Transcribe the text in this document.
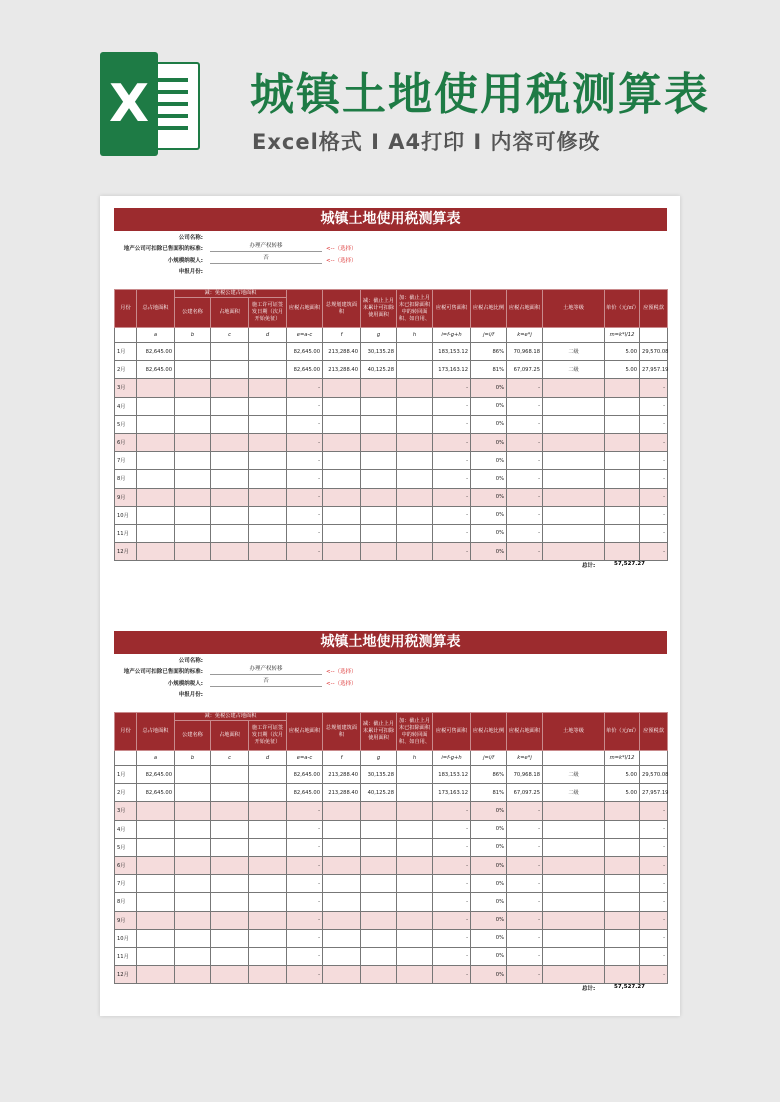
X 城镇土地使用税测算表
Excel格式 I A4打印 I 内容可修改
城镇土地使用税测算表
公司名称:
地产公司可扣除已售面积的标准:	办理产权转移	<--（选择）
小规模纳税人:	否	<--（选择）
申报月份:
月份	总占地面积	减：免税公建占地面积			应税占地面积	总规划建筑面积	减：截止上月末累计可扣除使用面积	加：截止上月末已扣除面积中的转回面积、如自用、	应税可售面积	应税占地比例	应税占地面积	土地等级	单价（元/㎡）	应预税款	备注
		公建名称	占地面积	施工许可证签发日期（次月开始免征）											
	a	b	c	d	e=a-c	f	g	h	i=f-g+h	j=i/f	k=e*j		m=k*l/12		
1月	82,645.00				82,645.00	213,288.40	30,135.28		183,153.12	86%	70,968.18	二级	5.00	29,570.08	
2月	82,645.00				82,645.00	213,288.40	40,125.28		173,163.12	81%	67,097.25	二级	5.00	27,957.19	
3月					-				-	0%	-			-	
4月					-				-	0%	-			-	
5月					-				-	0%	-			-	
6月					-				-	0%	-			-	
7月					-				-	0%	-			-	
8月					-				-	0%	-			-	
9月					-				-	0%	-			-	
10月					-				-	0%	-			-	
11月					-				-	0%	-			-	
12月					-				-	0%	-			-	
总计:	57,527.27
城镇土地使用税测算表
公司名称:
地产公司可扣除已售面积的标准:	办理产权转移	<--（选择）
小规模纳税人:	否	<--（选择）
申报月份:
月份	总占地面积	减：免税公建占地面积			应税占地面积	总规划建筑面积	减：截止上月末累计可扣除使用面积	加：截止上月末已扣除面积中的转回面积、如自用、	应税可售面积	应税占地比例	应税占地面积	土地等级	单价（元/㎡）	应预税款	备注
		公建名称	占地面积	施工许可证签发日期（次月开始免征）											
	a	b	c	d	e=a-c	f	g	h	i=f-g+h	j=i/f	k=e*j		m=k*l/12		
1月	82,645.00				82,645.00	213,288.40	30,135.28		183,153.12	86%	70,968.18	二级	5.00	29,570.08	
2月	82,645.00				82,645.00	213,288.40	40,125.28		173,163.12	81%	67,097.25	二级	5.00	27,957.19	
3月					-				-	0%	-			-	
4月					-				-	0%	-			-	
5月					-				-	0%	-			-	
6月					-				-	0%	-			-	
7月					-				-	0%	-			-	
8月					-				-	0%	-			-	
9月					-				-	0%	-			-	
10月					-				-	0%	-			-	
11月					-				-	0%	-			-	
12月					-				-	0%	-			-	
总计:	57,527.27
